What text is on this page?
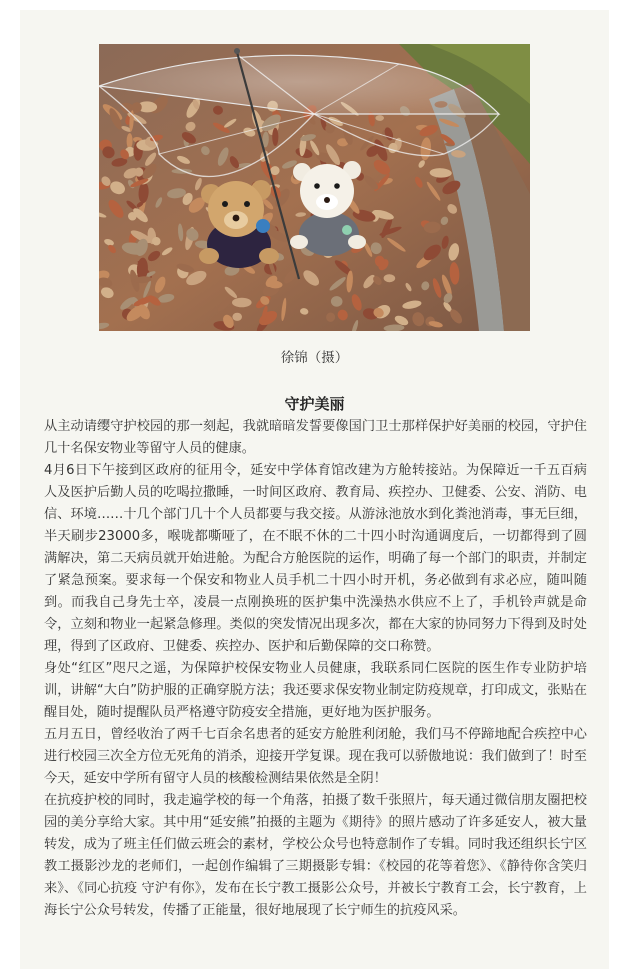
徐锦（摄）
守护美丽

从主动请缨守护校园的那一刻起，我就暗暗发誓要像国门卫士那样保护好美丽的校园，守护住几十名保安物业等留守人员的健康。

4月6日下午接到区政府的征用令，延安中学体育馆改建为方舱转接站。为保障近一千五百病人及医护后勤人员的吃喝拉撒睡，一时间区政府、教育局、疾控办、卫健委、公安、消防、电信、环境……十几个部门几十个人员都要与我交接。从游泳池放水到化粪池消毒，事无巨细，半天刷步23000多，喉咙都嘶哑了，在不眠不休的二十四小时沟通调度后，一切都得到了圆满解决，第二天病员就开始进舱。为配合方舱医院的运作，明确了每一个部门的职责，并制定了紧急预案。要求每一个保安和物业人员手机二十四小时开机，务必做到有求必应，随叫随到。而我自己身先士卒，凌晨一点刚换班的医护集中洗澡热水供应不上了，手机铃声就是命令，立刻和物业一起紧急修理。类似的突发情况出现多次，都在大家的协同努力下得到及时处理，得到了区政府、卫健委、疾控办、医护和后勤保障的交口称赞。

身处“红区”咫尺之遥，为保障护校保安物业人员健康，我联系同仁医院的医生作专业防护培训，讲解“大白”防护服的正确穿脱方法；我还要求保安物业制定防疫规章，打印成文，张贴在醒目处，随时提醒队员严格遵守防疫安全措施，更好地为医护服务。

五月五日，曾经收治了两千七百余名患者的延安方舱胜利闭舱，我们马不停蹄地配合疾控中心进行校园三次全方位无死角的消杀，迎接开学复课。现在我可以骄傲地说：我们做到了！时至今天，延安中学所有留守人员的核酸检测结果依然是全阴！

在抗疫护校的同时，我走遍学校的每一个角落，拍摄了数千张照片，每天通过微信朋友圈把校园的美分享给大家。其中用“延安熊”拍摄的主题为《期待》的照片感动了许多延安人，被大量转发，成为了班主任们做云班会的素材，学校公众号也特意制作了专辑。同时我还组织长宁区教工摄影沙龙的老师们，一起创作编辑了三期摄影专辑：《校园的花等着您》、《静待你含笑归来》、《同心抗疫 守沪有你》，发布在长宁教工摄影公众号，并被长宁教育工会，长宁教育，上海长宁公众号转发，传播了正能量，很好地展现了长宁师生的抗疫风采。
